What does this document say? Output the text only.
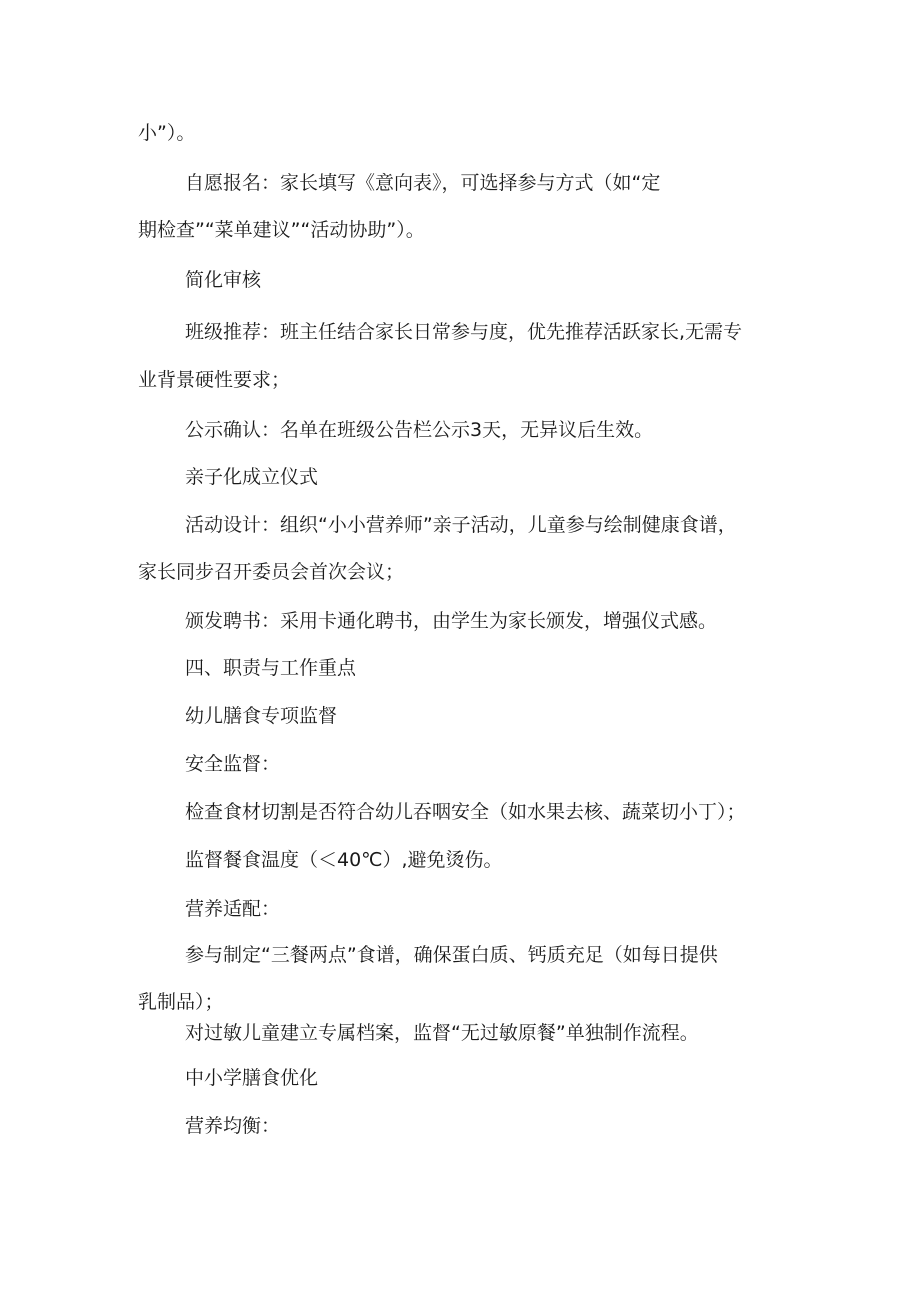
小”）。
自愿报名：家长填写《意向表》，可选择参与方式（如“定
期检查”“菜单建议”“活动协助”）。
简化审核
班级推荐：班主任结合家长日常参与度，优先推荐活跃家长,无需专
业背景硬性要求；
公示确认：名单在班级公告栏公示3天，无异议后生效。
亲子化成立仪式
活动设计：组织“小小营养师”亲子活动，儿童参与绘制健康食谱，
家长同步召开委员会首次会议；
颁发聘书：采用卡通化聘书，由学生为家长颁发，增强仪式感。
四、职责与工作重点
幼儿膳食专项监督
安全监督：
检查食材切割是否符合幼儿吞咽安全（如水果去核、蔬菜切小丁）；
监督餐食温度（＜40℃）,避免烫伤。
营养适配：
参与制定“三餐两点”食谱，确保蛋白质、钙质充足（如每日提供
乳制品）；
对过敏儿童建立专属档案，监督“无过敏原餐”单独制作流程。
中小学膳食优化
营养均衡：
